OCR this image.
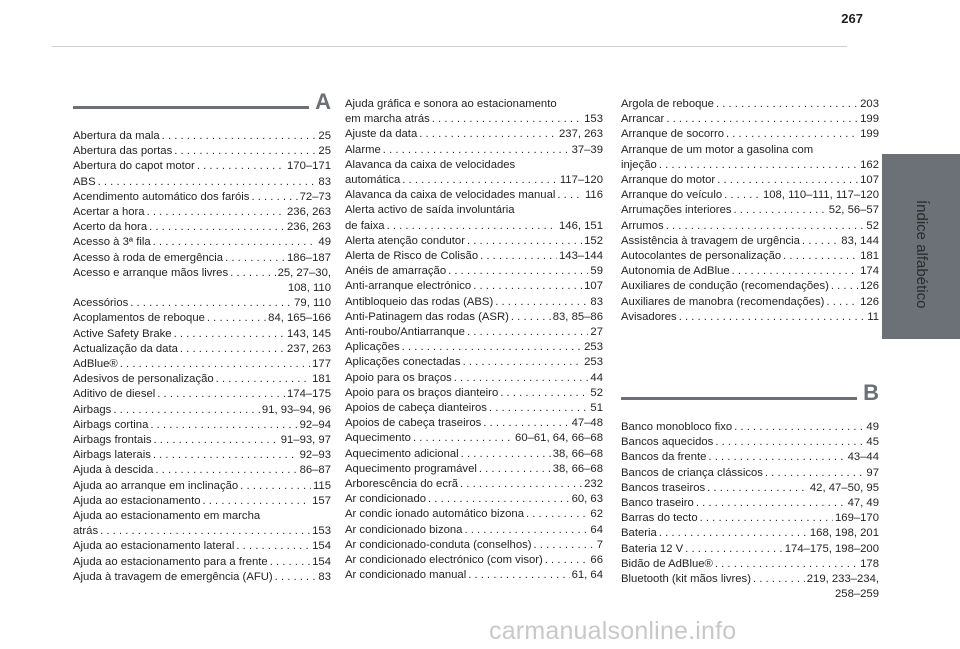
267
Índice alfabético
A
Abertura da mala . . .	25
Abertura das portas . . .	25
Abertura do capot motor . . .	170–171
ABS . . .	83
Acendimento automático dos faróis . . .	72–73
Acertar a hora . . .	236, 263
Acerto da hora . . .	236, 263
Acesso à 3ª fila . . .	49
Acesso à roda de emergência . . .	186–187
Acesso e arranque mãos livres . . .	25, 27–30,
108, 110
Acessórios . . .	79, 110
Acoplamentos de reboque . . .	84, 165–166
Active Safety Brake . . .	143, 145
Actualização da data . . .	237, 263
AdBlue® . . .	177
Adesivos de personalização . . .	181
Aditivo de diesel . . .	174–175
Airbags . . .	91, 93–94, 96
Airbags cortina . . .	92–94
Airbags frontais . . .	91–93, 97
Airbags laterais . . .	92–93
Ajuda à descida . . .	86–87
Ajuda ao arranque em inclinação . . .	115
Ajuda ao estacionamento . . .	157
Ajuda ao estacionamento em marcha
atrás . . .	153
Ajuda ao estacionamento lateral . . .	154
Ajuda ao estacionamento para a frente . . .	154
Ajuda à travagem de emergência (AFU) . . .	83
Ajuda gráfica e sonora ao estacionamento
em marcha atrás . . .	153
Ajuste da data . . .	237, 263
Alarme . . .	37–39
Alavanca da caixa de velocidades
automática . . .	117–120
Alavanca da caixa de velocidades manual . . .	116
Alerta activo de saída involuntária
de faixa . . .	146, 151
Alerta atenção condutor . . .	152
Alerta de Risco de Colisão . . .	143–144
Anéis de amarração . . .	59
Anti-arranque electrónico . . .	107
Antibloqueio das rodas (ABS) . . .	83
Anti-Patinagem das rodas (ASR) . . .	83, 85–86
Anti-roubo/Antiarranque . . .	27
Aplicações . . .	253
Aplicações conectadas . . .	253
Apoio para os braços . . .	44
Apoio para os braços dianteiro . . .	52
Apoios de cabeça dianteiros . . .	51
Apoios de cabeça traseiros . . .	47–48
Aquecimento . . .	60–61, 64, 66–68
Aquecimento adicional . . .	38, 66–68
Aquecimento programável . . .	38, 66–68
Arborescência do ecrã . . .	232
Ar condicionado . . .	60, 63
Ar condic ionado automático bizona . . .	62
Ar condicionado bizona . . .	64
Ar condicionado-conduta (conselhos) . . .	7
Ar condicionado electrónico (com visor) . . .	66
Ar condicionado manual . . .	61, 64
Argola de reboque . . .	203
Arrancar . . .	199
Arranque de socorro . . .	199
Arranque de um motor a gasolina com
injeção . . .	162
Arranque do motor . . .	107
Arranque do veículo . . .	108, 110–111, 117–120
Arrumações interiores . . .	52, 56–57
Arrumos . . .	52
Assistência à travagem de urgência . . .	83, 144
Autocolantes de personalização . . .	181
Autonomia de AdBlue . . .	174
Auxiliares de condução (recomendações) . . .	126
Auxiliares de manobra (recomendações) . . .	126
Avisadores . . .	11
B
Banco monobloco fixo . . .	49
Bancos aquecidos . . .	45
Bancos da frente . . .	43–44
Bancos de criança clássicos . . .	97
Bancos traseiros . . .	42, 47–50, 95
Banco traseiro . . .	47, 49
Barras do tecto . . .	169–170
Bateria . . .	168, 198, 201
Bateria 12 V . . .	174–175, 198–200
Bidão de AdBlue® . . .	178
Bluetooth (kit mãos livres) . . .	219, 233–234,
258–259
carmanualsonline.info
